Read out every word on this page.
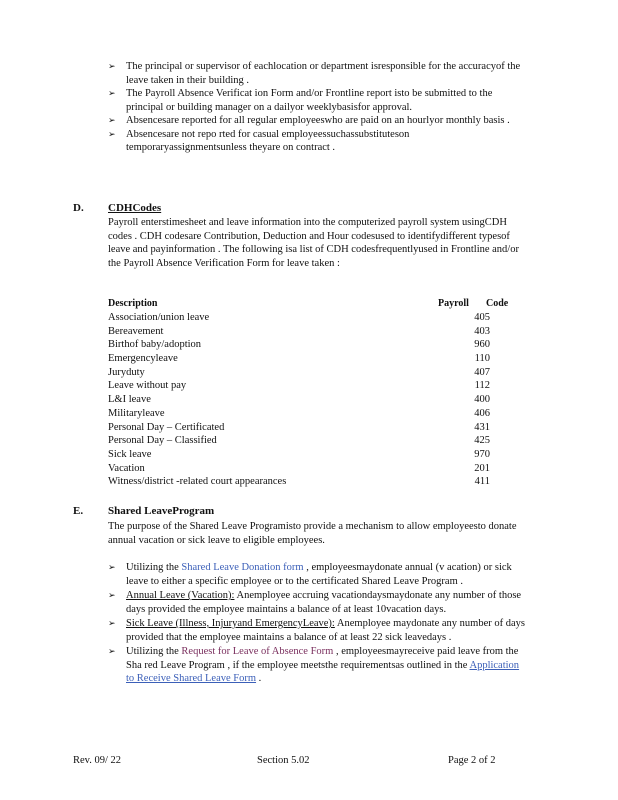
➢ The principal or supervisor of eachlocation or department isresponsible for the accuracyof the leave taken in their building .
➢ The Payroll Absence Verificat ion Form and/or Frontline report isto be submitted to the principal or building manager on a dailyor weeklybasisfor approval.
➢ Absencesare reported for all regular employeeswho are paid on an hourlyor monthly basis .
➢ Absencesare not repo rted for casual employeessuchassubstituteson temporaryassignmentsunless theyare on contract .
D. CDHCodes
Payroll enterstimesheet and leave information into the computerized payroll system usingCDH codes . CDH codesare Contribution, Deduction and Hour codesused to identifydifferent typesof leave and payinformation . The following isa list of CDH codesfrequentlyused in Frontline and/or the Payroll Absence Verification Form for leave taken :
Description	Payroll Code
Association/union leave	405
Bereavement	403
Birthof baby/adoption	960
Emergencyleave	110
Juryduty	407
Leave without pay	112
L&I leave	400
Militaryleave	406
Personal Day – Certificated	431
Personal Day – Classified	425
Sick leave	970
Vacation	201
Witness/district -related court appearances	411
E. Shared LeaveProgram
The purpose of the Shared Leave Programisto provide a mechanism to allow employeesto donate annual vacation or sick leave to eligible employees.
➢ Utilizing the Shared Leave Donation form , employeesmaydonate annual (v acation) or sick leave to either a specific employee or to the certificated Shared Leave Program .
➢ Annual Leave (Vacation): Anemployee accruing vacationdaysmaydonate any number of those days provided the employee maintains a balance of at least 10vacation days.
➢ Sick Leave (Illness, Injuryand EmergencyLeave): Anemployee maydonate any number of days provided that the employee maintains a balance of at least 22 sick leavedays .
➢ Utilizing the Request for Leave of Absence Form , employeesmayreceive paid leave from the Sha red Leave Program , if the employee meetsthe requirementsas outlined in the Application to Receive Shared Leave Form .
Rev. 09/ 22	Section 5.02	Page 2 of 2
